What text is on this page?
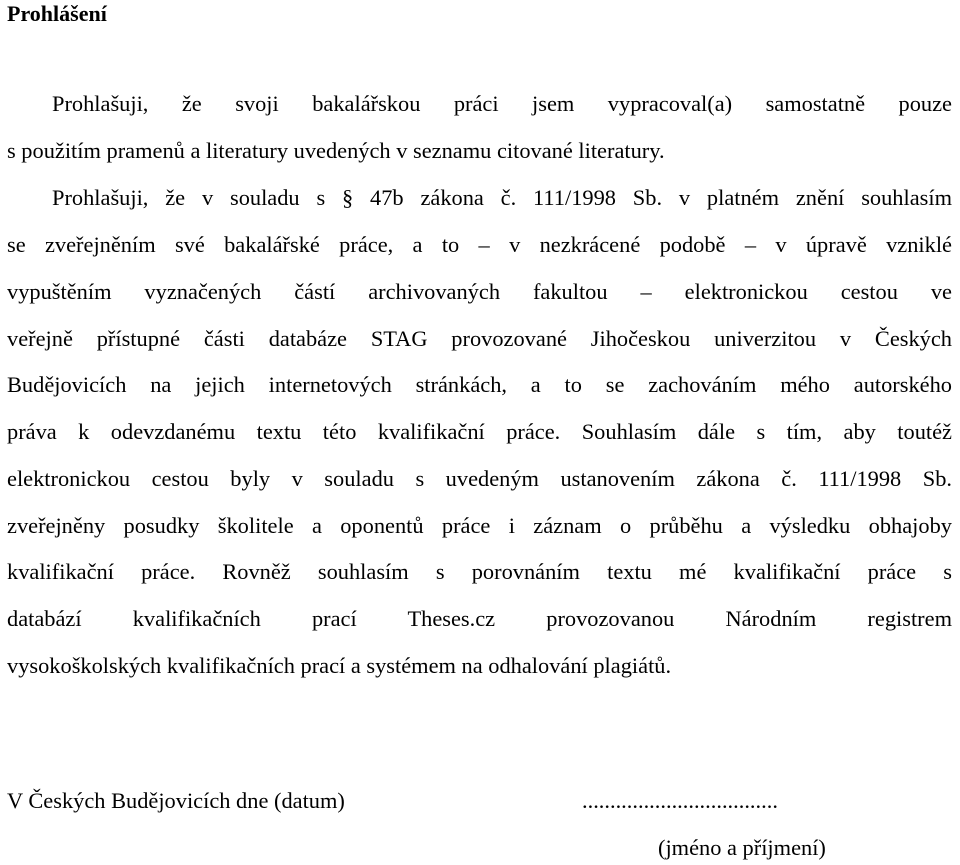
Prohlášení

Prohlašuji, že svoji bakalářskou práci jsem vypracoval(a) samostatně pouze

s použitím pramenů a literatury uvedených v seznamu citované literatury.

Prohlašuji, že v souladu s § 47b zákona č. 111/1998 Sb. v platném znění souhlasím

se zveřejněním své bakalářské práce, a to – v nezkrácené podobě – v úpravě vzniklé

vypuštěním vyznačených částí archivovaných fakultou – elektronickou cestou ve

veřejně přístupné části databáze STAG provozované Jihočeskou univerzitou v Českých

Budějovicích na jejich internetových stránkách, a to se zachováním mého autorského

práva k odevzdanému textu této kvalifikační práce. Souhlasím dále s tím, aby toutéž

elektronickou cestou byly v souladu s uvedeným ustanovením zákona č. 111/1998 Sb.

zveřejněny posudky školitele a oponentů práce i záznam o průběhu a výsledku obhajoby

kvalifikační práce. Rovněž souhlasím s porovnáním textu mé kvalifikační práce s

databází kvalifikačních prací Theses.cz provozovanou Národním registrem

vysokoškolských kvalifikačních prací a systémem na odhalování plagiátů.

V Českých Budějovicích dne (datum)	...................................
(jméno a příjmení)
